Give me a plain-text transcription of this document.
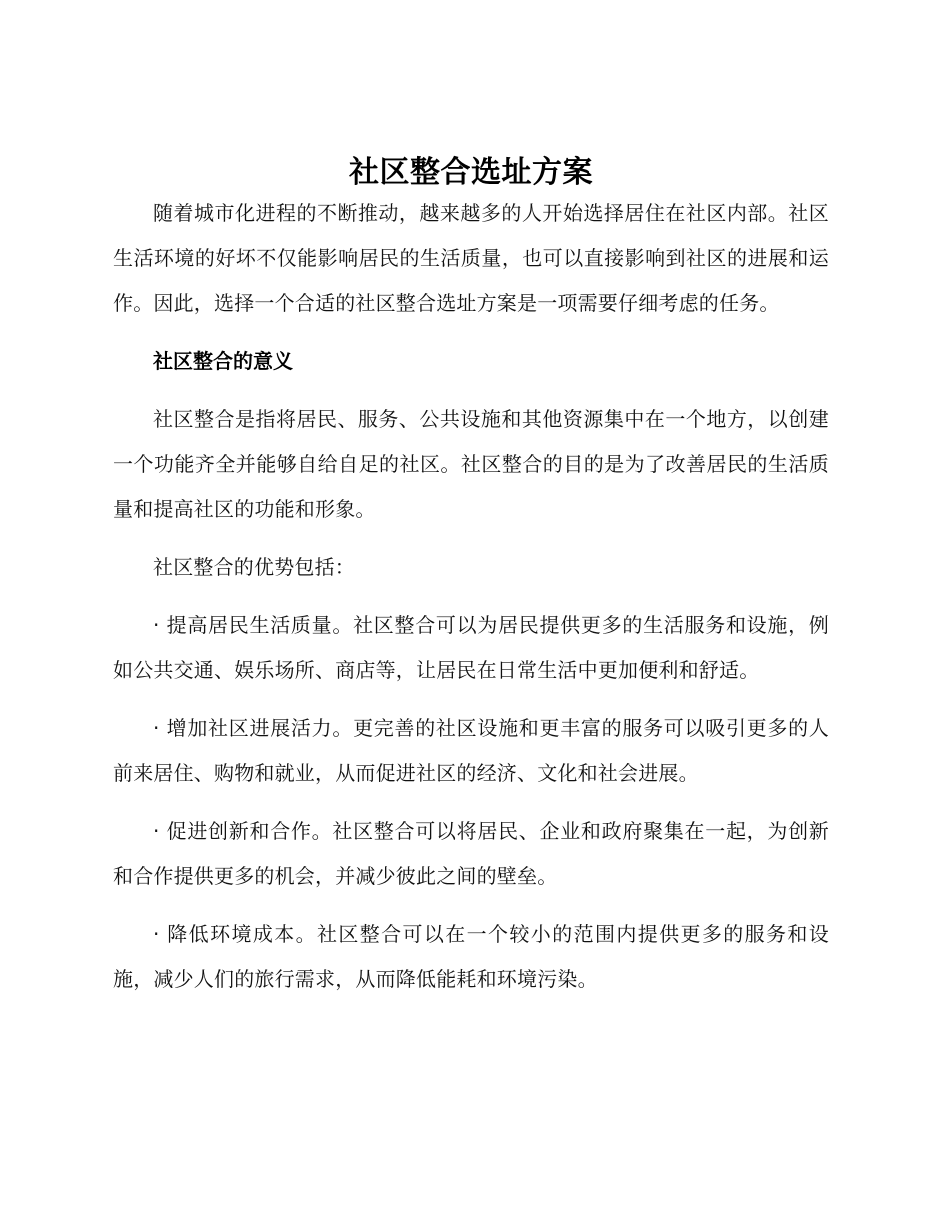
社区整合选址方案

随着城市化进程的不断推动，越来越多的人开始选择居住在社区内部。社区生活环境的好坏不仅能影响居民的生活质量，也可以直接影响到社区的进展和运作。因此，选择一个合适的社区整合选址方案是一项需要仔细考虑的任务。

社区整合的意义

社区整合是指将居民、服务、公共设施和其他资源集中在一个地方，以创建一个功能齐全并能够自给自足的社区。社区整合的目的是为了改善居民的生活质量和提高社区的功能和形象。

社区整合的优势包括：

· 提高居民生活质量。社区整合可以为居民提供更多的生活服务和设施，例如公共交通、娱乐场所、商店等，让居民在日常生活中更加便利和舒适。

· 增加社区进展活力。更完善的社区设施和更丰富的服务可以吸引更多的人前来居住、购物和就业，从而促进社区的经济、文化和社会进展。

· 促进创新和合作。社区整合可以将居民、企业和政府聚集在一起，为创新和合作提供更多的机会，并减少彼此之间的壁垒。

· 降低环境成本。社区整合可以在一个较小的范围内提供更多的服务和设施，减少人们的旅行需求，从而降低能耗和环境污染。
